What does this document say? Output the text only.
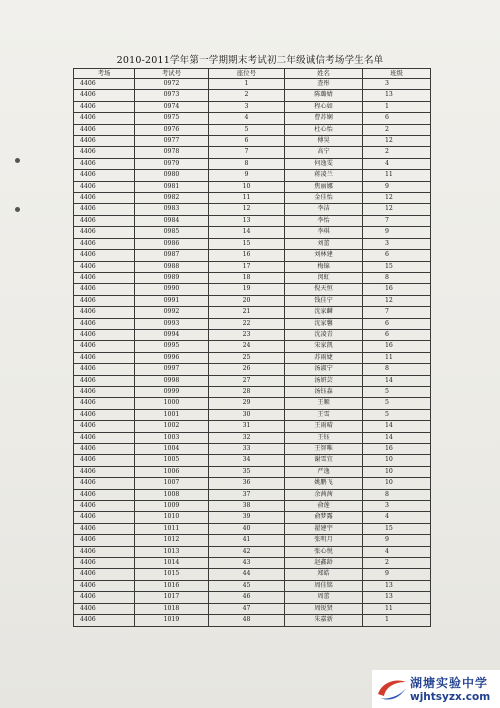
2010-2011学年第一学期期末考试初二年级诚信考场学生名单
考场	考试号	座位号	姓名	班级
4406	0972	1	查彤	3
4406	0973	2	陈璐婧	13
4406	0974	3	程心如	1
4406	0975	4	曹苏娴	6
4406	0976	5	杜心怡	2
4406	0977	6	傅昊	12
4406	0978	7	高宁	2
4406	0979	8	何逸雯	4
4406	0980	9	蒋凌兰	11
4406	0981	10	焦丽娜	9
4406	0982	11	金佳怡	12
4406	0983	12	李洁	12
4406	0984	13	李怡	7
4406	0985	14	李琪	9
4406	0986	15	刘蕾	3
4406	0987	16	刘林建	6
4406	0988	17	梅锦	15
4406	0989	18	闵虹	8
4406	0990	19	倪天恒	16
4406	0991	20	钱佳宁	12
4406	0992	21	沈家麟	7
4406	0993	22	沈家馨	6
4406	0994	23	沈凌青	6
4406	0995	24	宋家凯	16
4406	0996	25	苏雨婕	11
4406	0997	26	汤淑宁	8
4406	0998	27	汤妍芸	14
4406	0999	28	汤钰淼	5
4406	1000	29	王顺	5
4406	1001	30	王雪	5
4406	1002	31	王雨晴	14
4406	1003	32	王钰	14
4406	1004	33	王智唯	16
4406	1005	34	谢雪宜	10
4406	1006	35	严逸	10
4406	1007	36	姚鹏飞	10
4406	1008	37	余茜茜	8
4406	1009	38	俞莲	3
4406	1010	39	俞梦露	4
4406	1011	40	翟建宇	15
4406	1012	41	张明月	9
4406	1013	42	张心悦	4
4406	1014	43	赵鑫龄	2
4406	1015	44	郑皓	9
4406	1016	45	周佳铭	13
4406	1017	46	周蕾	13
4406	1018	47	周锐贤	11
4406	1019	48	朱嘉新	1
湖塘实验中学
wjhtsyzx.com
